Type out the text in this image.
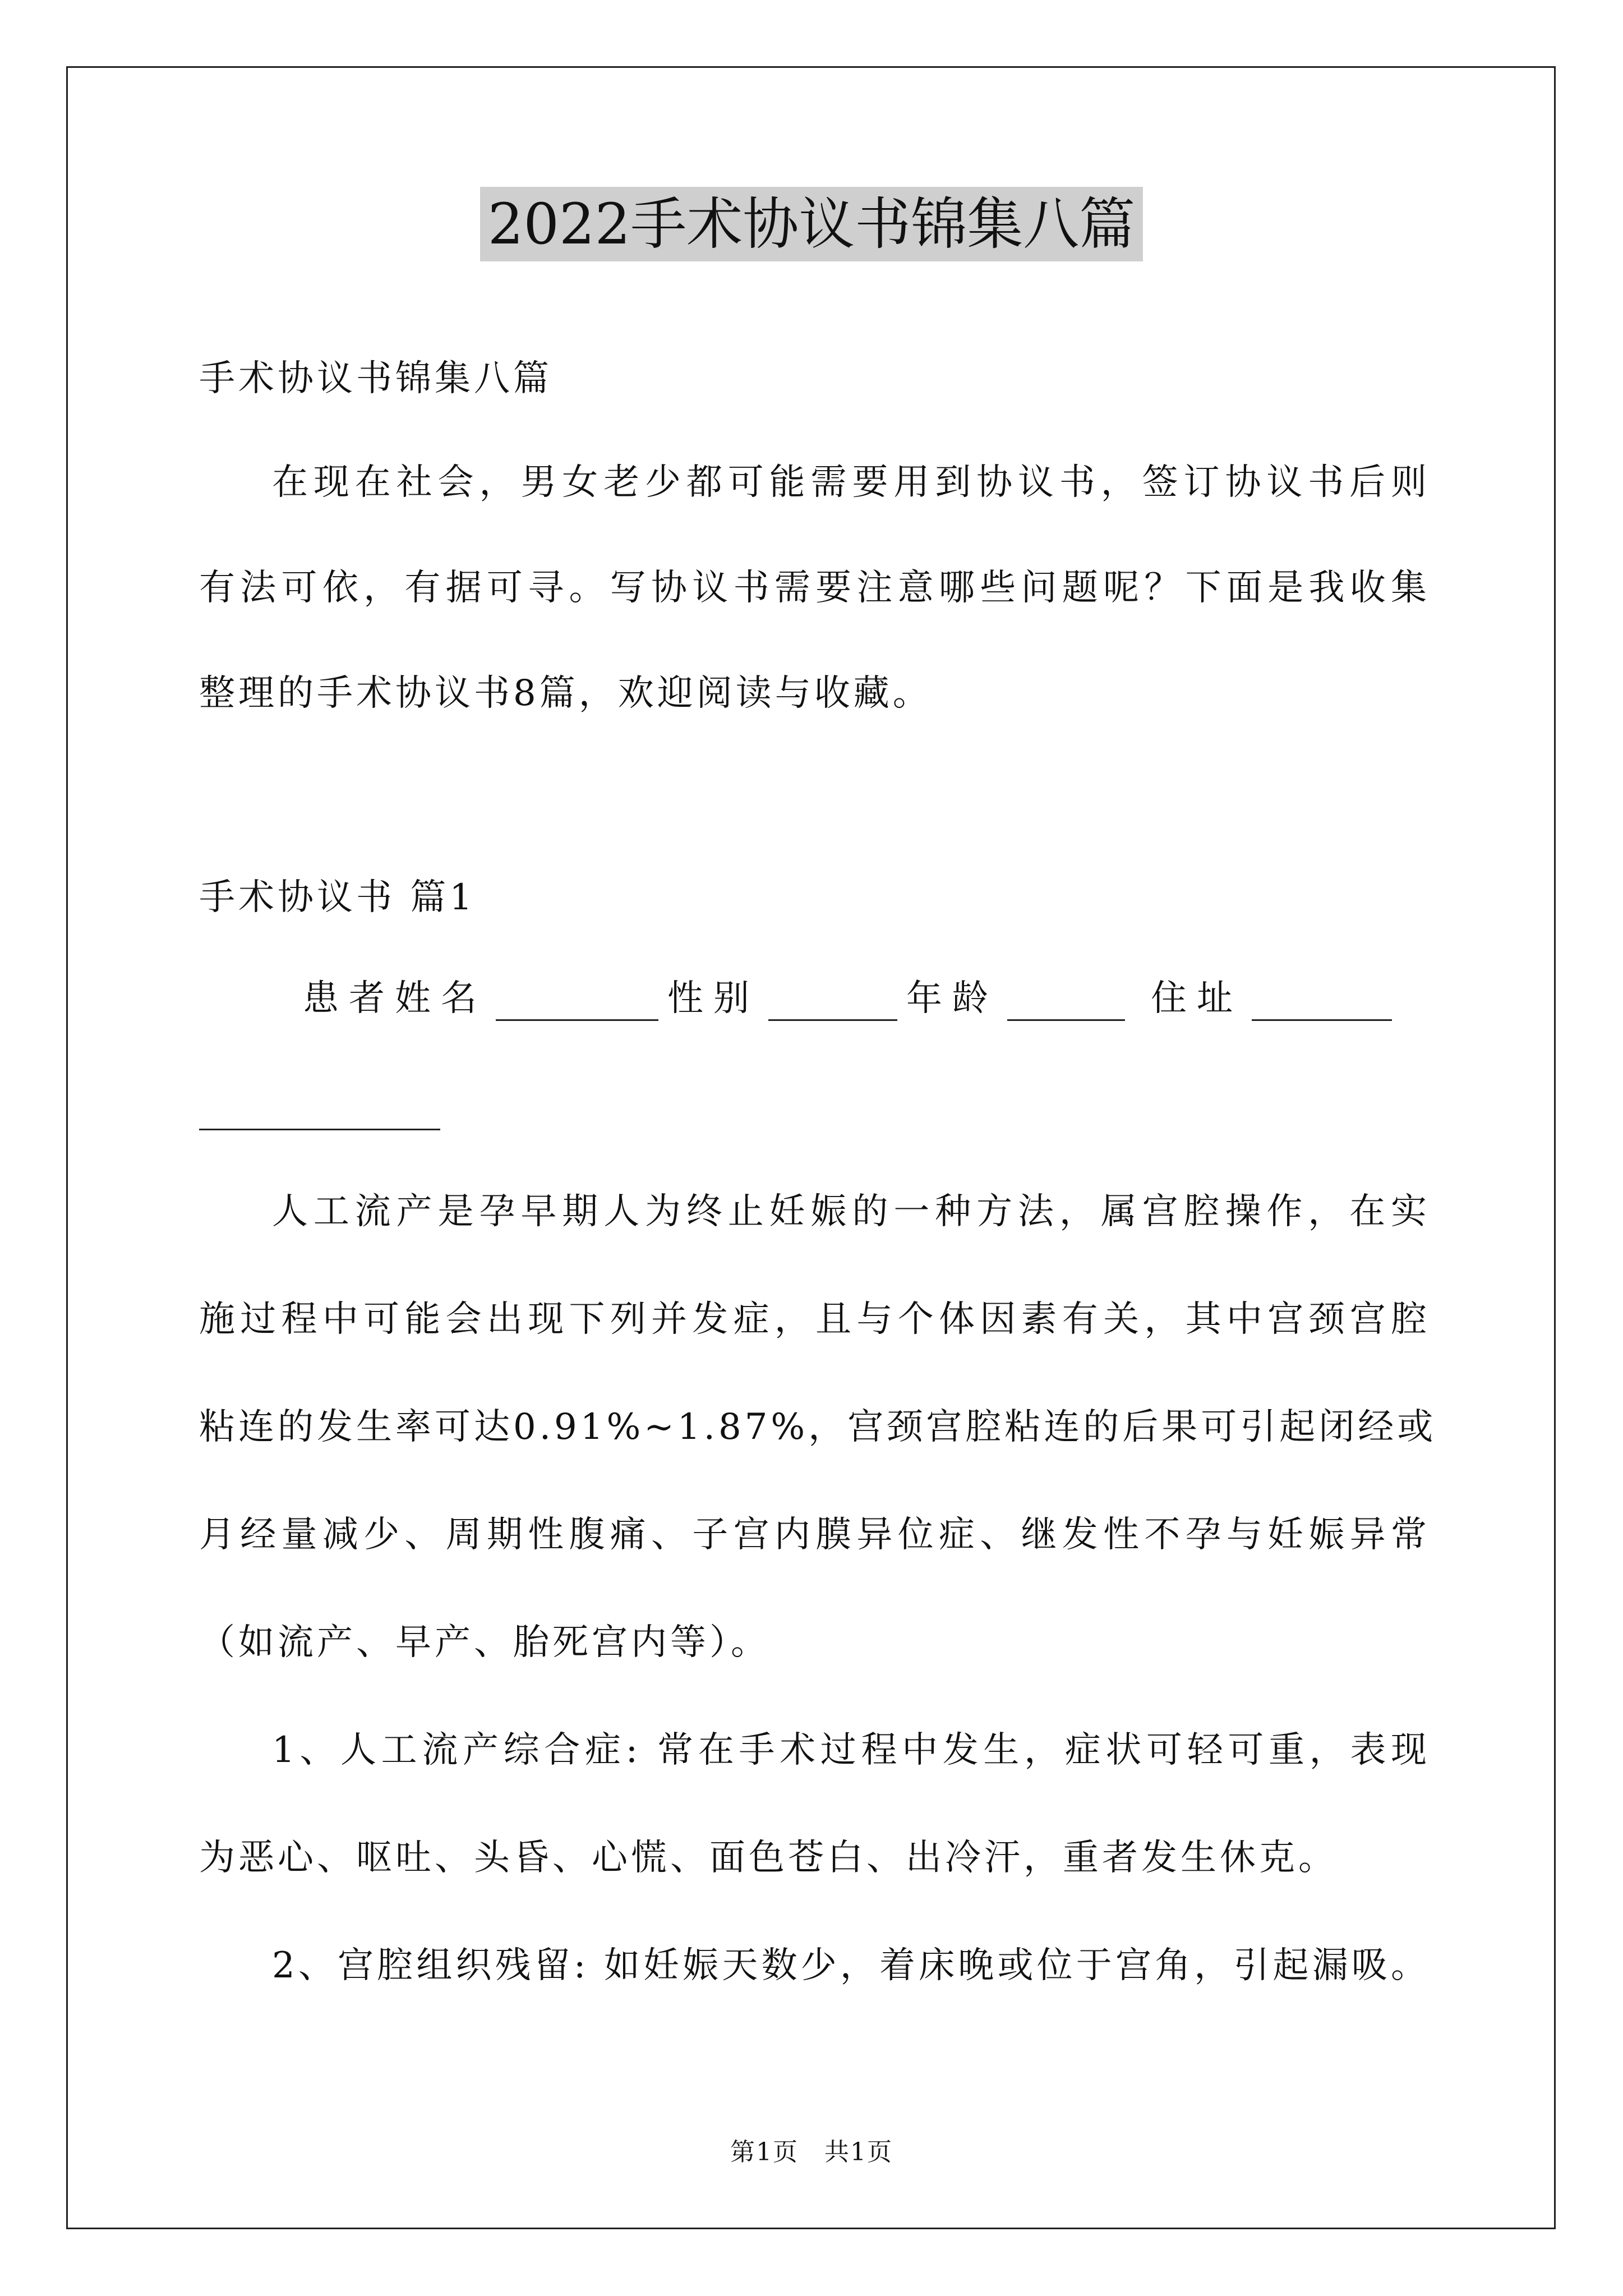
2022手术协议书锦集八篇
手术协议书锦集八篇
在现在社会，男女老少都可能需要用到协议书，签订协议书后则
有法可依，有据可寻。写协议书需要注意哪些问题呢？下面是我收集
整理的手术协议书8篇，欢迎阅读与收藏。
手术协议书 篇1
患者姓名	性别	年龄	住址
人工流产是孕早期人为终止妊娠的一种方法，属宫腔操作，在实
施过程中可能会出现下列并发症，且与个体因素有关，其中宫颈宫腔
粘连的发生率可达0.91%~1.87%，宫颈宫腔粘连的后果可引起闭经或
月经量减少、周期性腹痛、子宫内膜异位症、继发性不孕与妊娠异常
（如流产、早产、胎死宫内等）。
1、人工流产综合症: 常在手术过程中发生，症状可轻可重，表现
为恶心、呕吐、头昏、心慌、面色苍白、出冷汗，重者发生休克。
2、宫腔组织残留: 如妊娠天数少，着床晚或位于宫角，引起漏吸。
第1页　共1页
